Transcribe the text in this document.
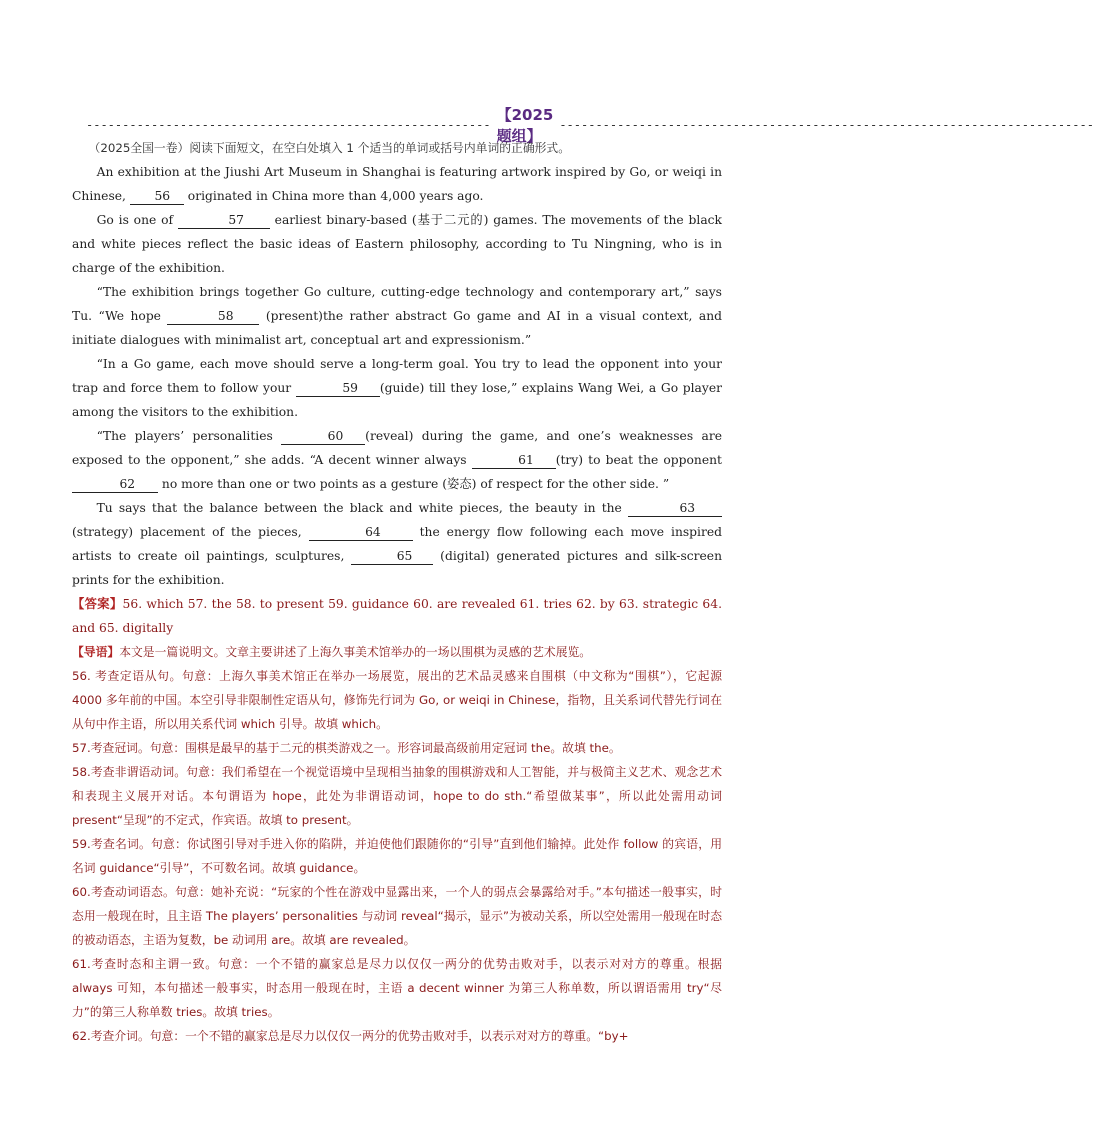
--------------------------------------------------------
【2025题组】
--------------------------------------------------------------------------

（2025全国一卷）阅读下面短文，在空白处填入 1 个适当的单词或括号内单词的正确形式。

An exhibition at the Jiushi Art Museum in Shanghai is featuring artwork inspired by Go, or weiqi in Chinese, 56 originated in China more than 4,000 years ago.

Go is one of	57 earliest binary-based (基于二元的) games. The movements of the black and white pieces reflect the basic ideas of Eastern philosophy, according to Tu Ningning, who is in charge of the exhibition.

“The exhibition brings together Go culture, cutting-edge technology and contemporary art,” says Tu. “We hope	58 (present)the rather abstract Go game and AI in a visual context, and initiate dialogues with minimalist art, conceptual art and expressionism.”

“In a Go game, each move should serve a long-term goal. You try to lead the opponent into your trap and force them to follow your	59 (guide) till they lose,” explains Wang Wei, a Go player among the visitors to the exhibition.

“The players’ personalities	60 (reveal) during the game, and one’s weaknesses are exposed to the opponent,” she adds. “A decent winner always	61 (try) to beat the opponent 62 no more than one or two points as a gesture (姿态) of respect for the other side. ”

Tu says that the balance between the black and white pieces, the beauty in the	63(strategy) placement of the pieces,	64	the energy flow following each move inspired artists to create oil paintings, sculptures,	65 (digital) generated pictures and silk-screen prints for the exhibition.

【答案】56. which 57. the 58. to present 59. guidance 60. are revealed 61. tries 62. by 63. strategic 64. and 65. digitally

【导语】本文是一篇说明文。文章主要讲述了上海久事美术馆举办的一场以围棋为灵感的艺术展览。

56. 考查定语从句。句意：上海久事美术馆正在举办一场展览，展出的艺术品灵感来自围棋（中文称为“围棋”），它起源 4000 多年前的中国。本空引导非限制性定语从句，修饰先行词为 Go, or weiqi in Chinese，指物，且关系词代替先行词在从句中作主语，所以用关系代词 which 引导。故填 which。

57.考查冠词。句意：围棋是最早的基于二元的棋类游戏之一。形容词最高级前用定冠词 the。故填 the。

58.考查非谓语动词。句意：我们希望在一个视觉语境中呈现相当抽象的围棋游戏和人工智能，并与极简主义艺术、观念艺术和表现主义展开对话。本句谓语为 hope，此处为非谓语动词，hope to do sth.“希望做某事”，所以此处需用动词 present“呈现”的不定式，作宾语。故填 to present。

59.考查名词。句意：你试图引导对手进入你的陷阱，并迫使他们跟随你的“引导”直到他们输掉。此处作 follow 的宾语，用名词 guidance“引导”，不可数名词。故填 guidance。

60.考查动词语态。句意：她补充说：“玩家的个性在游戏中显露出来，一个人的弱点会暴露给对手。”本句描述一般事实，时态用一般现在时，且主语 The players’ personalities 与动词 reveal“揭示，显示”为被动关系，所以空处需用一般现在时态的被动语态，主语为复数，be 动词用 are。故填 are revealed。

61.考查时态和主谓一致。句意：一个不错的赢家总是尽力以仅仅一两分的优势击败对手，以表示对对方的尊重。根据 always 可知，本句描述一般事实，时态用一般现在时，主语 a decent winner 为第三人称单数，所以谓语需用 try“尽力”的第三人称单数 tries。故填 tries。

62.考查介词。句意：一个不错的赢家总是尽力以仅仅一两分的优势击败对手，以表示对对方的尊重。“by+
